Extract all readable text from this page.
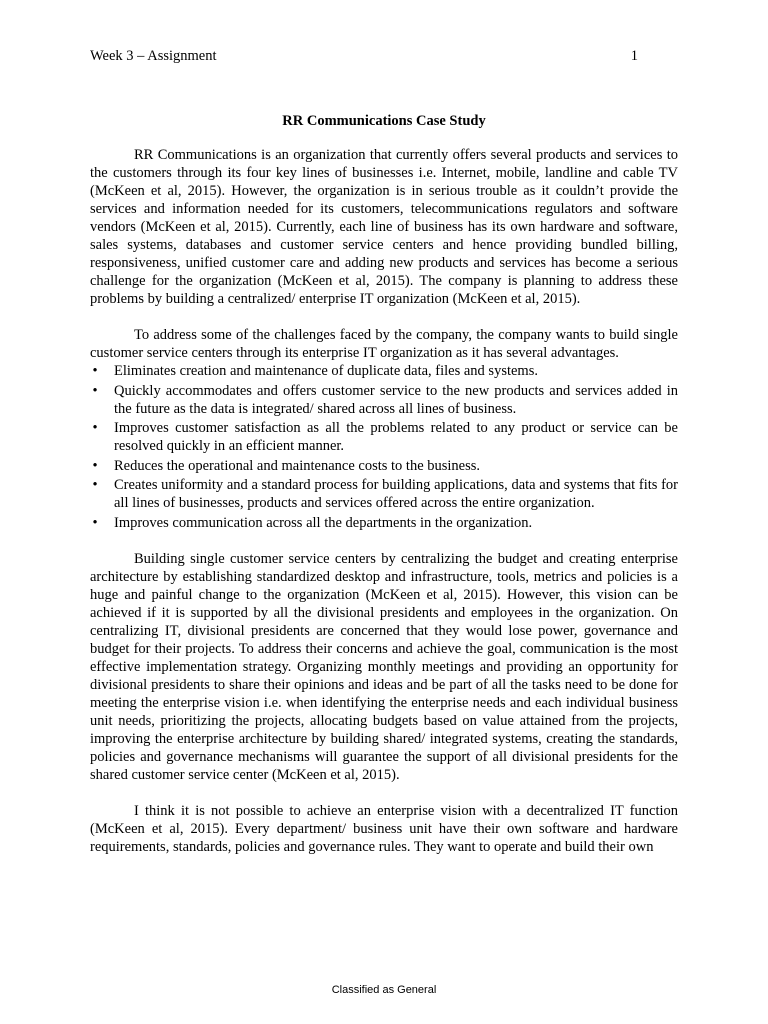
Week 3 – Assignment	1
RR Communications Case Study

RR Communications is an organization that currently offers several products and services to the customers through its four key lines of businesses i.e. Internet, mobile, landline and cable TV (McKeen et al, 2015). However, the organization is in serious trouble as it couldn’t provide the services and information needed for its customers, telecommunications regulators and software vendors (McKeen et al, 2015). Currently, each line of business has its own hardware and software, sales systems, databases and customer service centers and hence providing bundled billing, responsiveness, unified customer care and adding new products and services has become a serious challenge for the organization (McKeen et al, 2015). The company is planning to address these problems by building a centralized/ enterprise IT organization (McKeen et al, 2015).

To address some of the challenges faced by the company, the company wants to build single customer service centers through its enterprise IT organization as it has several advantages.

• Eliminates creation and maintenance of duplicate data, files and systems.
• Quickly accommodates and offers customer service to the new products and services added in the future as the data is integrated/ shared across all lines of business.
• Improves customer satisfaction as all the problems related to any product or service can be resolved quickly in an efficient manner.
• Reduces the operational and maintenance costs to the business.
• Creates uniformity and a standard process for building applications, data and systems that fits for all lines of businesses, products and services offered across the entire organization.
• Improves communication across all the departments in the organization.

Building single customer service centers by centralizing the budget and creating enterprise architecture by establishing standardized desktop and infrastructure, tools, metrics and policies is a huge and painful change to the organization (McKeen et al, 2015). However, this vision can be achieved if it is supported by all the divisional presidents and employees in the organization. On centralizing IT, divisional presidents are concerned that they would lose power, governance and budget for their projects. To address their concerns and achieve the goal, communication is the most effective implementation strategy. Organizing monthly meetings and providing an opportunity for divisional presidents to share their opinions and ideas and be part of all the tasks need to be done for meeting the enterprise vision i.e. when identifying the enterprise needs and each individual business unit needs, prioritizing the projects, allocating budgets based on value attained from the projects, improving the enterprise architecture by building shared/ integrated systems, creating the standards, policies and governance mechanisms will guarantee the support of all divisional presidents for the shared customer service center (McKeen et al, 2015).

I think it is not possible to achieve an enterprise vision with a decentralized IT function (McKeen et al, 2015). Every department/ business unit have their own software and hardware requirements, standards, policies and governance rules. They want to operate and build their own

Classified as General
